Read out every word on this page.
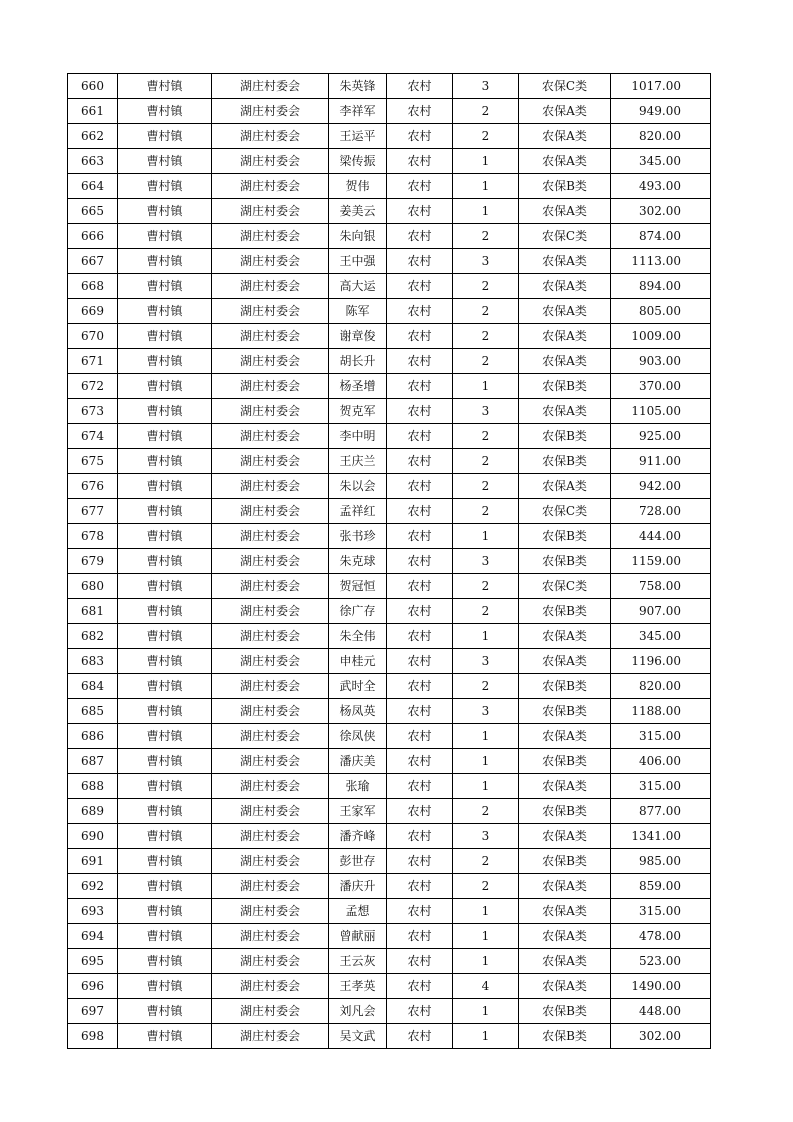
660	曹村镇	湖庄村委会	朱英锋	农村	3	农保C类	1017.00
661	曹村镇	湖庄村委会	李祥军	农村	2	农保A类	949.00
662	曹村镇	湖庄村委会	王运平	农村	2	农保A类	820.00
663	曹村镇	湖庄村委会	梁传振	农村	1	农保A类	345.00
664	曹村镇	湖庄村委会	贺伟	农村	1	农保B类	493.00
665	曹村镇	湖庄村委会	姜美云	农村	1	农保A类	302.00
666	曹村镇	湖庄村委会	朱向银	农村	2	农保C类	874.00
667	曹村镇	湖庄村委会	王中强	农村	3	农保A类	1113.00
668	曹村镇	湖庄村委会	高大运	农村	2	农保A类	894.00
669	曹村镇	湖庄村委会	陈军	农村	2	农保A类	805.00
670	曹村镇	湖庄村委会	谢章俊	农村	2	农保A类	1009.00
671	曹村镇	湖庄村委会	胡长升	农村	2	农保A类	903.00
672	曹村镇	湖庄村委会	杨圣增	农村	1	农保B类	370.00
673	曹村镇	湖庄村委会	贺克军	农村	3	农保A类	1105.00
674	曹村镇	湖庄村委会	李中明	农村	2	农保B类	925.00
675	曹村镇	湖庄村委会	王庆兰	农村	2	农保B类	911.00
676	曹村镇	湖庄村委会	朱以会	农村	2	农保A类	942.00
677	曹村镇	湖庄村委会	孟祥红	农村	2	农保C类	728.00
678	曹村镇	湖庄村委会	张书珍	农村	1	农保B类	444.00
679	曹村镇	湖庄村委会	朱克球	农村	3	农保B类	1159.00
680	曹村镇	湖庄村委会	贺冠恒	农村	2	农保C类	758.00
681	曹村镇	湖庄村委会	徐广存	农村	2	农保B类	907.00
682	曹村镇	湖庄村委会	朱全伟	农村	1	农保A类	345.00
683	曹村镇	湖庄村委会	申桂元	农村	3	农保A类	1196.00
684	曹村镇	湖庄村委会	武时全	农村	2	农保B类	820.00
685	曹村镇	湖庄村委会	杨凤英	农村	3	农保B类	1188.00
686	曹村镇	湖庄村委会	徐凤侠	农村	1	农保A类	315.00
687	曹村镇	湖庄村委会	潘庆美	农村	1	农保B类	406.00
688	曹村镇	湖庄村委会	张瑜	农村	1	农保A类	315.00
689	曹村镇	湖庄村委会	王家军	农村	2	农保B类	877.00
690	曹村镇	湖庄村委会	潘齐峰	农村	3	农保A类	1341.00
691	曹村镇	湖庄村委会	彭世存	农村	2	农保B类	985.00
692	曹村镇	湖庄村委会	潘庆升	农村	2	农保A类	859.00
693	曹村镇	湖庄村委会	孟想	农村	1	农保A类	315.00
694	曹村镇	湖庄村委会	曾献丽	农村	1	农保A类	478.00
695	曹村镇	湖庄村委会	王云灰	农村	1	农保A类	523.00
696	曹村镇	湖庄村委会	王孝英	农村	4	农保A类	1490.00
697	曹村镇	湖庄村委会	刘凡会	农村	1	农保B类	448.00
698	曹村镇	湖庄村委会	吴文武	农村	1	农保B类	302.00
